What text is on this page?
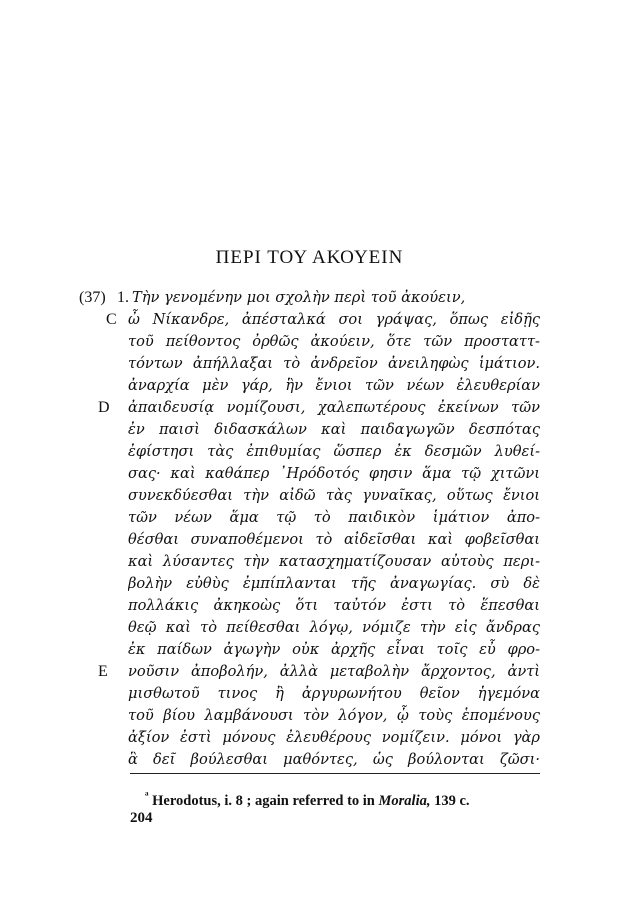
ΠΕΡΙ ΤΟΥ ΑΚΟΥΕΙΝ
(37) 1.
C
D
E
Τὴν γενομένην μοι σχολὴν περὶ τοῦ ἀκούειν,
ὦ Νίκανδρε, ἀπέσταλκά σοι γράψας, ὅπως εἰδῇς
τοῦ πείθοντος ὀρθῶς ἀκούειν, ὅτε τῶν προσταττ-
τόντων ἀπήλλαξαι τὸ ἀνδρεῖον ἀνειληφὼς ἱμάτιον.
ἀναρχία μὲν γάρ, ἣν ἔνιοι τῶν νέων ἐλευθερίαν
ἀπαιδευσίᾳ νομίζουσι, χαλεπωτέρους ἐκείνων τῶν
ἐν παισὶ διδασκάλων καὶ παιδαγωγῶν δεσπότας
ἐφίστησι τὰς ἐπιθυμίας ὥσπερ ἐκ δεσμῶν λυθεί-
σας· καὶ καθάπερ ᾿Ηρόδοτός φησιν ἅμα τῷ χιτῶνι
συνεκδύεσθαι τὴν αἰδῶ τὰς γυναῖκας, οὕτως ἔνιοι
τῶν νέων ἅμα τῷ τὸ παιδικὸν ἱμάτιον ἀπο-
θέσθαι συναποθέμενοι τὸ αἰδεῖσθαι καὶ φοβεῖσθαι
καὶ λύσαντες τὴν κατασχηματίζουσαν αὐτοὺς περι-
βολὴν εὐθὺς ἐμπίπλανται τῆς ἀναγωγίας. σὺ δὲ
πολλάκις ἀκηκοὼς ὅτι ταὐτόν ἐστι τὸ ἕπεσθαι
θεῷ καὶ τὸ πείθεσθαι λόγῳ, νόμιζε τὴν εἰς ἄνδρας
ἐκ παίδων ἀγωγὴν οὐκ ἀρχῆς εἶναι τοῖς εὖ φρο-
νοῦσιν ἀποβολήν, ἀλλὰ μεταβολὴν ἄρχοντος, ἀντὶ
μισθωτοῦ τινος ἢ ἀργυρωνήτου θεῖον ἡγεμόνα
τοῦ βίου λαμβάνουσι τὸν λόγον, ᾧ τοὺς ἑπομένους
ἀξίον ἐστὶ μόνους ἐλευθέρους νομίζειν. μόνοι γὰρ
ἃ δεῖ βούλεσθαι μαθόντες, ὡς βούλονται ζῶσι·
$^ᵃ$ Herodotus, i. 8 ; again referred to in Moralia, 139 c.
204
